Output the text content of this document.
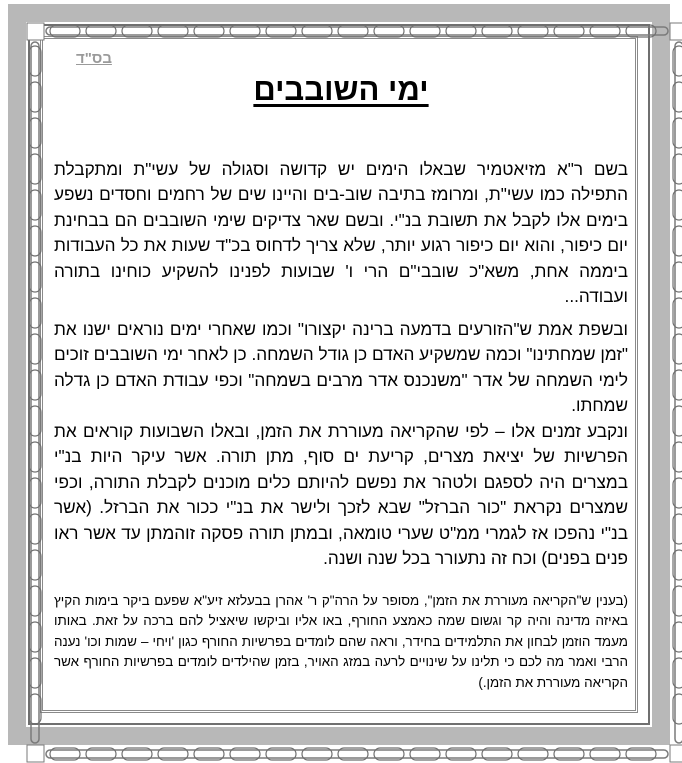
בס"ד
ימי השובבים
בשם ר"א מזיאטמיר שבאלו הימים יש קדושה וסגולה של עשי"ת ומתקבלת התפילה כמו עשי"ת, ומרומז בתיבה שוב-בים והיינו שים של רחמים וחסדים נשפע בימים אלו לקבל את תשובת בנ"י. ובשם שאר צדיקים שימי השובבים הם בבחינת יום כיפור, והוא יום כיפור רגוע יותר, שלא צריך לדחוס בכ"ד שעות את כל העבודות ביממה אחת, משא"כ שובבי"ם הרי ו' שבועות לפנינו להשקיע כוחינו בתורה ועבודה...
ובשפת אמת ש"הזורעים בדמעה ברינה יקצורו" וכמו שאחרי ימים נוראים ישנו את "זמן שמחתינו" וכמה שמשקיע האדם כן גודל השמחה. כן לאחר ימי השובבים זוכים לימי השמחה של אדר "משנכנס אדר מרבים בשמחה" וכפי עבודת האדם כן גדלה שמחתו.
ונקבע זמנים אלו – לפי שהקריאה מעוררת את הזמן, ובאלו השבועות קוראים את הפרשיות של יציאת מצרים, קריעת ים סוף, מתן תורה. אשר עיקר היות בנ"י במצרים היה לספגם ולטהר את נפשם להיותם כלים מוכנים לקבלת התורה, וכפי שמצרים נקראת "כור הברזל" שבא לזכך ולישר את בנ"י ככור את הברזל. (אשר בנ"י נהפכו אז לגמרי ממ"ט שערי טומאה, ובמתן תורה פסקה זוהמתן עד אשר ראו פנים בפנים) וכח זה נתעורר בכל שנה ושנה.
(בענין ש"הקריאה מעוררת את הזמן", מסופר על הרה"ק ר' אהרן בבעלזא זיע"א שפעם ביקר בימות הקיץ באיזה מדינה והיה קר וגשום שמה כאמצע החורף, באו אליו וביקשו שיאציל להם ברכה על זאת. באותו מעמד הוזמן לבחון את התלמידים בחידר, וראה שהם לומדים בפרשיות החורף כגון 'ויחי – שמות וכו' נענה הרבי ואמר מה לכם כי תלינו על שינויים לרעה במזג האויר, בזמן שהילדים לומדים בפרשיות החורף אשר הקריאה מעוררת את הזמן.)
